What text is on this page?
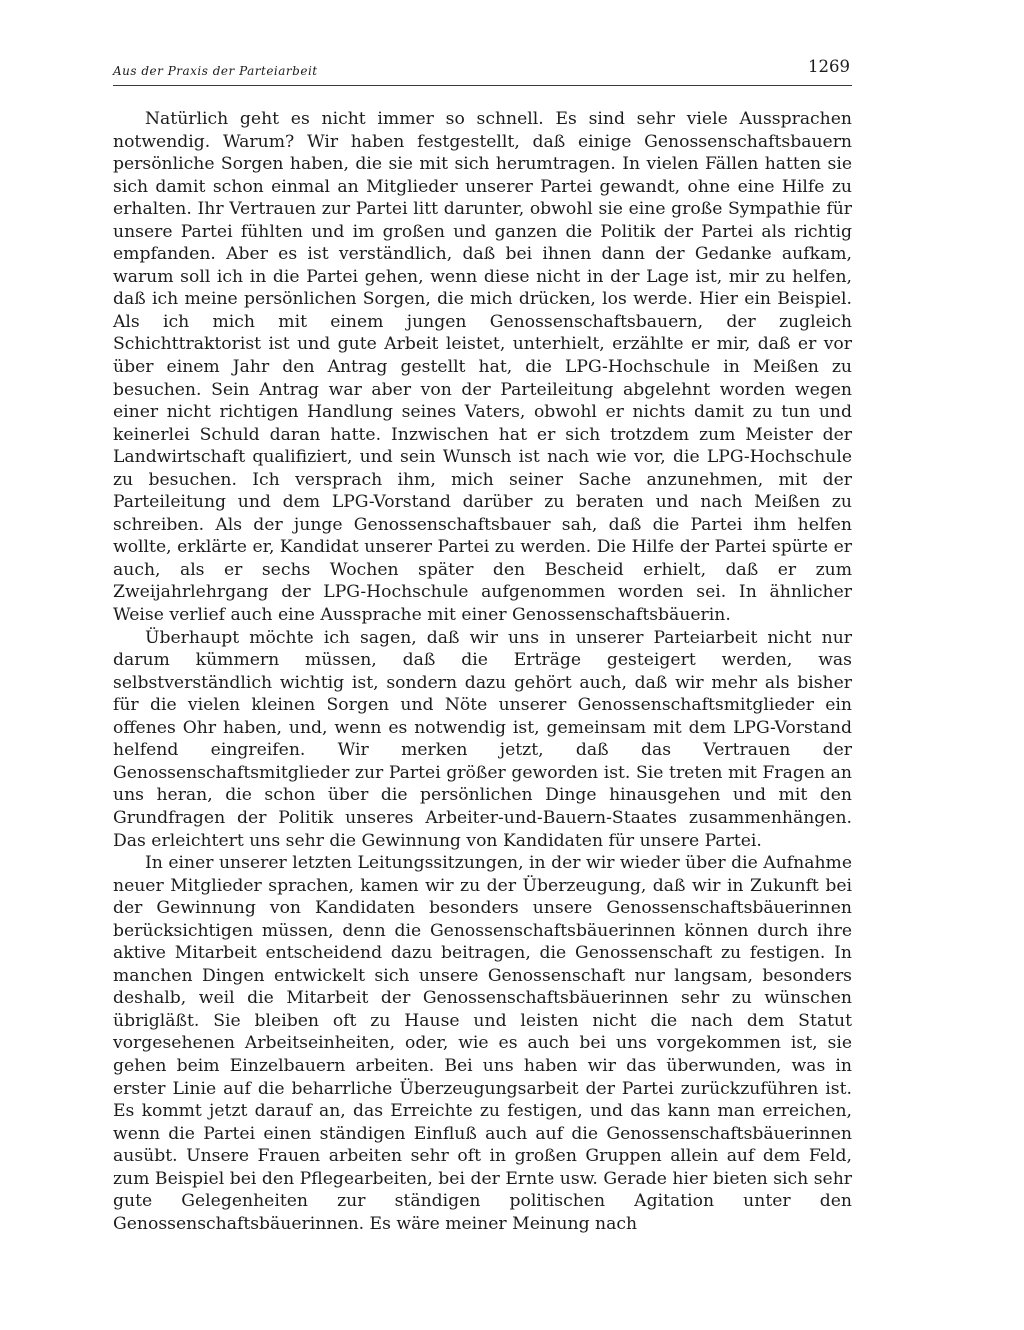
Aus der Praxis der Parteiarbeit	1269

Natürlich geht es nicht immer so schnell. Es sind sehr viele Aussprachen notwendig. Warum? Wir haben festgestellt, daß einige Genossenschaftsbauern persönliche Sorgen haben, die sie mit sich herumtragen. In vielen Fällen hatten sie sich damit schon einmal an Mitglieder unserer Partei gewandt, ohne eine Hilfe zu erhalten. Ihr Vertrauen zur Partei litt darunter, obwohl sie eine große Sympathie für unsere Partei fühlten und im großen und ganzen die Politik der Partei als richtig empfanden. Aber es ist verständlich, daß bei ihnen dann der Gedanke aufkam, warum soll ich in die Partei gehen, wenn diese nicht in der Lage ist, mir zu helfen, daß ich meine persönlichen Sorgen, die mich drücken, los werde. Hier ein Beispiel. Als ich mich mit einem jungen Genossenschaftsbauern, der zugleich Schichttraktorist ist und gute Arbeit leistet, unterhielt, erzählte er mir, daß er vor über einem Jahr den Antrag gestellt hat, die LPG-Hochschule in Meißen zu besuchen. Sein Antrag war aber von der Parteileitung abgelehnt worden wegen einer nicht richtigen Handlung seines Vaters, obwohl er nichts damit zu tun und keinerlei Schuld daran hatte. Inzwischen hat er sich trotzdem zum Meister der Landwirtschaft qualifiziert, und sein Wunsch ist nach wie vor, die LPG-Hochschule zu besuchen. Ich versprach ihm, mich seiner Sache anzunehmen, mit der Parteileitung und dem LPG-Vorstand darüber zu beraten und nach Meißen zu schreiben. Als der junge Genossenschaftsbauer sah, daß die Partei ihm helfen wollte, erklärte er, Kandidat unserer Partei zu werden. Die Hilfe der Partei spürte er auch, als er sechs Wochen später den Bescheid erhielt, daß er zum Zweijahrlehrgang der LPG-Hochschule aufgenommen worden sei. In ähnlicher Weise verlief auch eine Aussprache mit einer Genossenschaftsbäuerin.

Überhaupt möchte ich sagen, daß wir uns in unserer Parteiarbeit nicht nur darum kümmern müssen, daß die Erträge gesteigert werden, was selbstverständlich wichtig ist, sondern dazu gehört auch, daß wir mehr als bisher für die vielen kleinen Sorgen und Nöte unserer Genossenschaftsmitglieder ein offenes Ohr haben, und, wenn es notwendig ist, gemeinsam mit dem LPG-Vorstand helfend eingreifen. Wir merken jetzt, daß das Vertrauen der Genossenschaftsmitglieder zur Partei größer geworden ist. Sie treten mit Fragen an uns heran, die schon über die persönlichen Dinge hinausgehen und mit den Grundfragen der Politik unseres Arbeiter-und-Bauern-Staates zusammenhängen. Das erleichtert uns sehr die Gewinnung von Kandidaten für unsere Partei.

In einer unserer letzten Leitungssitzungen, in der wir wieder über die Aufnahme neuer Mitglieder sprachen, kamen wir zu der Überzeugung, daß wir in Zukunft bei der Gewinnung von Kandidaten besonders unsere Genossenschaftsbäuerinnen berücksichtigen müssen, denn die Genossenschaftsbäuerinnen können durch ihre aktive Mitarbeit entscheidend dazu beitragen, die Genossenschaft zu festigen. In manchen Dingen entwickelt sich unsere Genossenschaft nur langsam, besonders deshalb, weil die Mitarbeit der Genossenschaftsbäuerinnen sehr zu wünschen übrigläßt. Sie bleiben oft zu Hause und leisten nicht die nach dem Statut vorgesehenen Arbeitseinheiten, oder, wie es auch bei uns vorgekommen ist, sie gehen beim Einzelbauern arbeiten. Bei uns haben wir das überwunden, was in erster Linie auf die beharrliche Überzeugungsarbeit der Partei zurückzuführen ist. Es kommt jetzt darauf an, das Erreichte zu festigen, und das kann man erreichen, wenn die Partei einen ständigen Einfluß auch auf die Genossenschaftsbäuerinnen ausübt. Unsere Frauen arbeiten sehr oft in großen Gruppen allein auf dem Feld, zum Beispiel bei den Pflegearbeiten, bei der Ernte usw. Gerade hier bieten sich sehr gute Gelegenheiten zur ständigen politischen Agitation unter den Genossenschaftsbäuerinnen. Es wäre meiner Meinung nach
